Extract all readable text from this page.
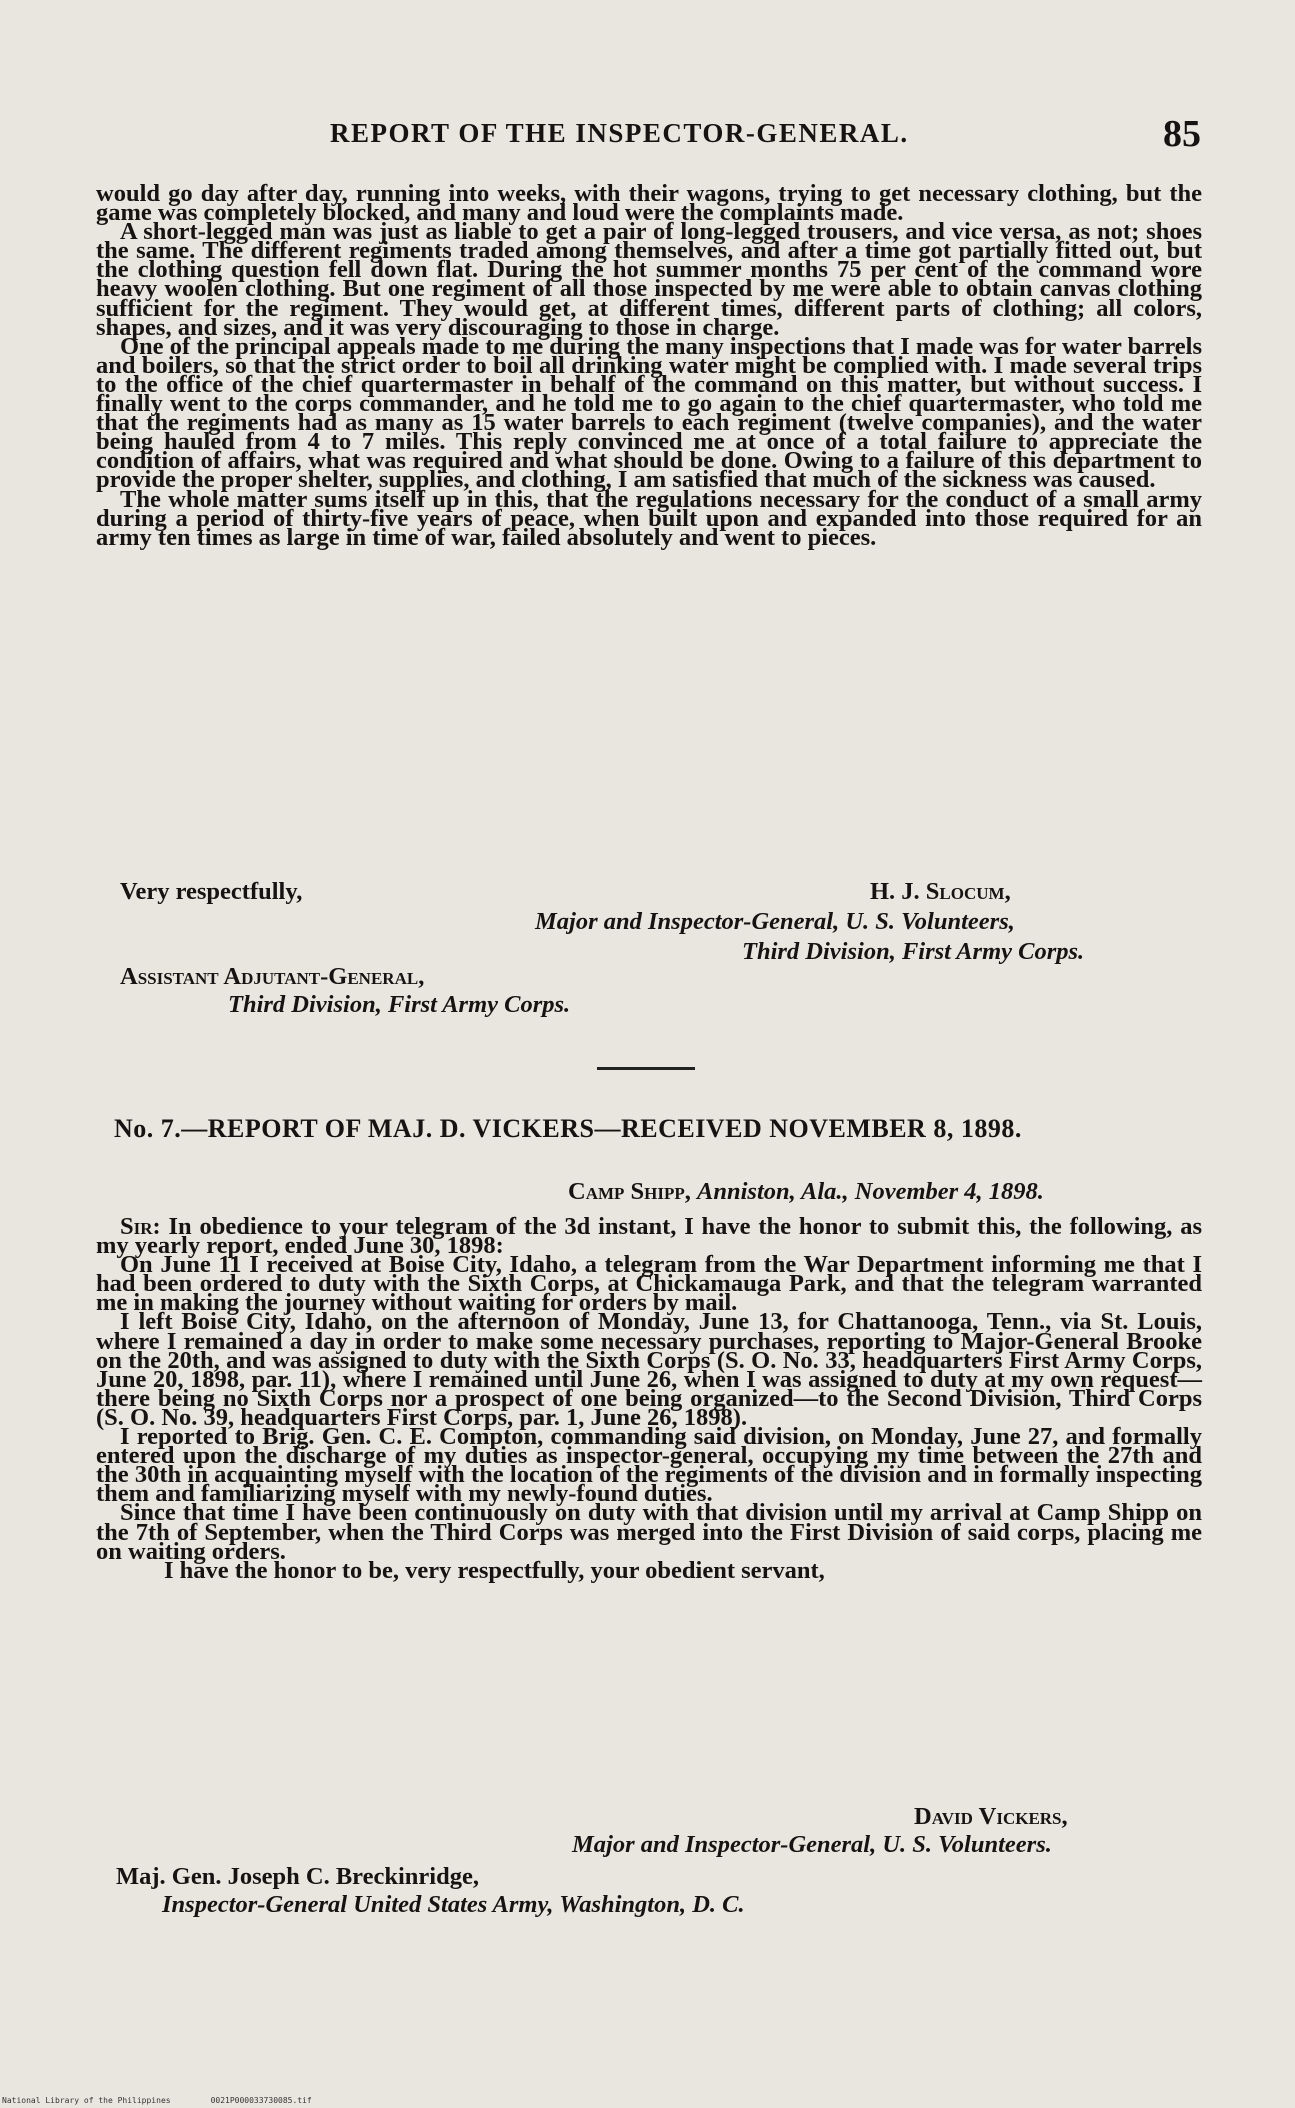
REPORT OF THE INSPECTOR-GENERAL.	85

would go day after day, running into weeks, with their wagons, trying to get necessary clothing, but the game was completely blocked, and many and loud were the complaints made.

A short-legged man was just as liable to get a pair of long-legged trousers, and vice versa, as not; shoes the same. The different regiments traded among themselves, and after a time got partially fitted out, but the clothing question fell down flat. During the hot summer months 75 per cent of the command wore heavy woolen clothing. But one regiment of all those inspected by me were able to obtain canvas clothing sufficient for the regiment. They would get, at different times, different parts of clothing; all colors, shapes, and sizes, and it was very discouraging to those in charge.

One of the principal appeals made to me during the many inspections that I made was for water barrels and boilers, so that the strict order to boil all drinking water might be complied with. I made several trips to the office of the chief quartermaster in behalf of the command on this matter, but without success. I finally went to the corps commander, and he told me to go again to the chief quartermaster, who told me that the regiments had as many as 15 water barrels to each regiment (twelve companies), and the water being hauled from 4 to 7 miles. This reply convinced me at once of a total failure to appreciate the condition of affairs, what was required and what should be done. Owing to a failure of this department to provide the proper shelter, supplies, and clothing, I am satisfied that much of the sickness was caused.

The whole matter sums itself up in this, that the regulations necessary for the conduct of a small army during a period of thirty-five years of peace, when built upon and expanded into those required for an army ten times as large in time of war, failed absolutely and went to pieces.

Very respectfully,	H. J. Slocum,
Major and Inspector-General, U. S. Volunteers,
Third Division, First Army Corps.
Assistant Adjutant-General,
Third Division, First Army Corps.
No. 7.—REPORT OF MAJ. D. VICKERS—RECEIVED NOVEMBER 8, 1898.
Camp Shipp, Anniston, Ala., November 4, 1898.

Sir: In obedience to your telegram of the 3d instant, I have the honor to submit this, the following, as my yearly report, ended June 30, 1898:

On June 11 I received at Boise City, Idaho, a telegram from the War Department informing me that I had been ordered to duty with the Sixth Corps, at Chickamauga Park, and that the telegram warranted me in making the journey without waiting for orders by mail.

I left Boise City, Idaho, on the afternoon of Monday, June 13, for Chattanooga, Tenn., via St. Louis, where I remained a day in order to make some necessary purchases, reporting to Major-General Brooke on the 20th, and was assigned to duty with the Sixth Corps (S. O. No. 33, headquarters First Army Corps, June 20, 1898, par. 11), where I remained until June 26, when I was assigned to duty at my own request—there being no Sixth Corps nor a prospect of one being organized—to the Second Division, Third Corps (S. O. No. 39, headquarters First Corps, par. 1, June 26, 1898).

I reported to Brig. Gen. C. E. Compton, commanding said division, on Monday, June 27, and formally entered upon the discharge of my duties as inspector-general, occupying my time between the 27th and the 30th in acquainting myself with the location of the regiments of the division and in formally inspecting them and familiarizing myself with my newly-found duties.

Since that time I have been continuously on duty with that division until my arrival at Camp Shipp on the 7th of September, when the Third Corps was merged into the First Division of said corps, placing me on waiting orders.

I have the honor to be, very respectfully, your obedient servant,

David Vickers,
Major and Inspector-General, U. S. Volunteers.
Maj. Gen. Joseph C. Breckinridge,
Inspector-General United States Army, Washington, D. C.
National Library of the Philippines	0021P000033730085.tif
